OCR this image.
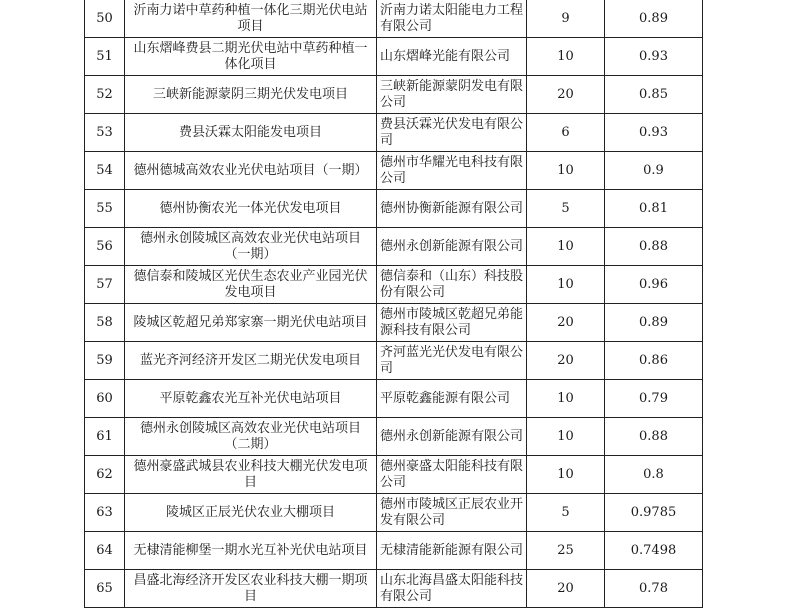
50	沂南力诺中草药种植一体化三期光伏电站项目	沂南力诺太阳能电力工程有限公司	9	0.89
51	山东熠峰费县二期光伏电站中草药种植一体化项目	山东熠峰光能有限公司	10	0.93
52	三峡新能源蒙阴三期光伏发电项目	三峡新能源蒙阴发电有限公司	20	0.85
53	费县沃霖太阳能发电项目	费县沃霖光伏发电有限公司	6	0.93
54	德州德城高效农业光伏电站项目（一期）	德州市华耀光电科技有限公司	10	0.9
55	德州协衡农光一体光伏发电项目	德州协衡新能源有限公司	5	0.81
56	德州永创陵城区高效农业光伏电站项目（一期）	德州永创新能源有限公司	10	0.88
57	德信泰和陵城区光伏生态农业产业园光伏发电项目	德信泰和（山东）科技股份有限公司	10	0.96
58	陵城区乾超兄弟郑家寨一期光伏电站项目	德州市陵城区乾超兄弟能源科技有限公司	20	0.89
59	蓝光齐河经济开发区二期光伏发电项目	齐河蓝光光伏发电有限公司	20	0.86
60	平原乾鑫农光互补光伏电站项目	平原乾鑫能源有限公司	10	0.79
61	德州永创陵城区高效农业光伏电站项目（二期）	德州永创新能源有限公司	10	0.88
62	德州豪盛武城县农业科技大棚光伏发电项目	德州豪盛太阳能科技有限公司	10	0.8
63	陵城区正辰光伏农业大棚项目	德州市陵城区正辰农业开发有限公司	5	0.9785
64	无棣清能柳堡一期水光互补光伏电站项目	无棣清能新能源有限公司	25	0.7498
65	昌盛北海经济开发区农业科技大棚一期项目	山东北海昌盛太阳能科技有限公司	20	0.78
